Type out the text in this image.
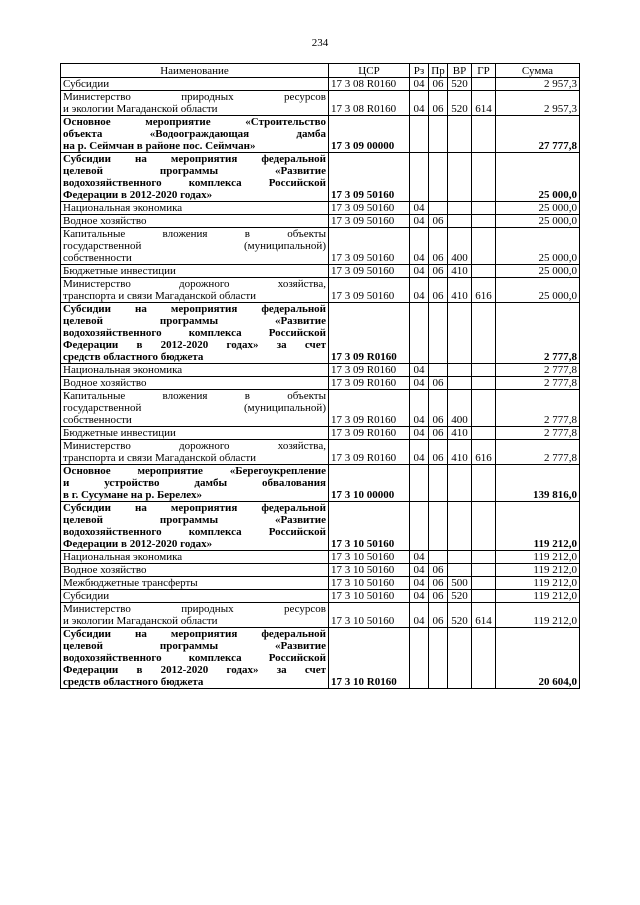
234
Наименование	ЦСР	Рз	Пр	ВР	ГР	Сумма

Субсидии	17 3 08 R0160	04	06	520		2 957,3

Министерство природных ресурсов
и экологии Магаданской области	17 3 08 R0160	04	06	520	614	2 957,3

Основное мероприятие «Строительство
объекта «Водоограждающая дамба
на р. Сеймчан в районе пос. Сеймчан»	17 3 09 00000					27 777,8

Субсидии на мероприятия федеральной
целевой программы «Развитие
водохозяйственного комплекса Российской
Федерации в 2012-2020 годах»	17 3 09 50160					25 000,0

Национальная экономика	17 3 09 50160	04				25 000,0

Водное хозяйство	17 3 09 50160	04	06			25 000,0

Капитальные вложения в объекты
государственной (муниципальной)
собственности	17 3 09 50160	04	06	400		25 000,0

Бюджетные инвестиции	17 3 09 50160	04	06	410		25 000,0

Министерство дорожного хозяйства,
транспорта и связи Магаданской области	17 3 09 50160	04	06	410	616	25 000,0

Субсидии на мероприятия федеральной
целевой программы «Развитие
водохозяйственного комплекса Российской
Федерации в 2012-2020 годах» за счет
средств областного бюджета	17 3 09 R0160					2 777,8

Национальная экономика	17 3 09 R0160	04				2 777,8

Водное хозяйство	17 3 09 R0160	04	06			2 777,8

Капитальные вложения в объекты
государственной (муниципальной)
собственности	17 3 09 R0160	04	06	400		2 777,8

Бюджетные инвестиции	17 3 09 R0160	04	06	410		2 777,8

Министерство дорожного хозяйства,
транспорта и связи Магаданской области	17 3 09 R0160	04	06	410	616	2 777,8

Основное мероприятие «Берегоукрепление
и устройство дамбы обвалования
в г. Сусумане на р. Берелех»	17 3 10 00000					139 816,0

Субсидии на мероприятия федеральной
целевой программы «Развитие
водохозяйственного комплекса Российской
Федерации в 2012-2020 годах»	17 3 10 50160					119 212,0

Национальная экономика	17 3 10 50160	04				119 212,0

Водное хозяйство	17 3 10 50160	04	06			119 212,0

Межбюджетные трансферты	17 3 10 50160	04	06	500		119 212,0

Субсидии	17 3 10 50160	04	06	520		119 212,0

Министерство природных ресурсов
и экологии Магаданской области	17 3 10 50160	04	06	520	614	119 212,0

Субсидии на мероприятия федеральной
целевой программы «Развитие
водохозяйственного комплекса Российской
Федерации в 2012-2020 годах» за счет
средств областного бюджета	17 3 10 R0160					20 604,0
